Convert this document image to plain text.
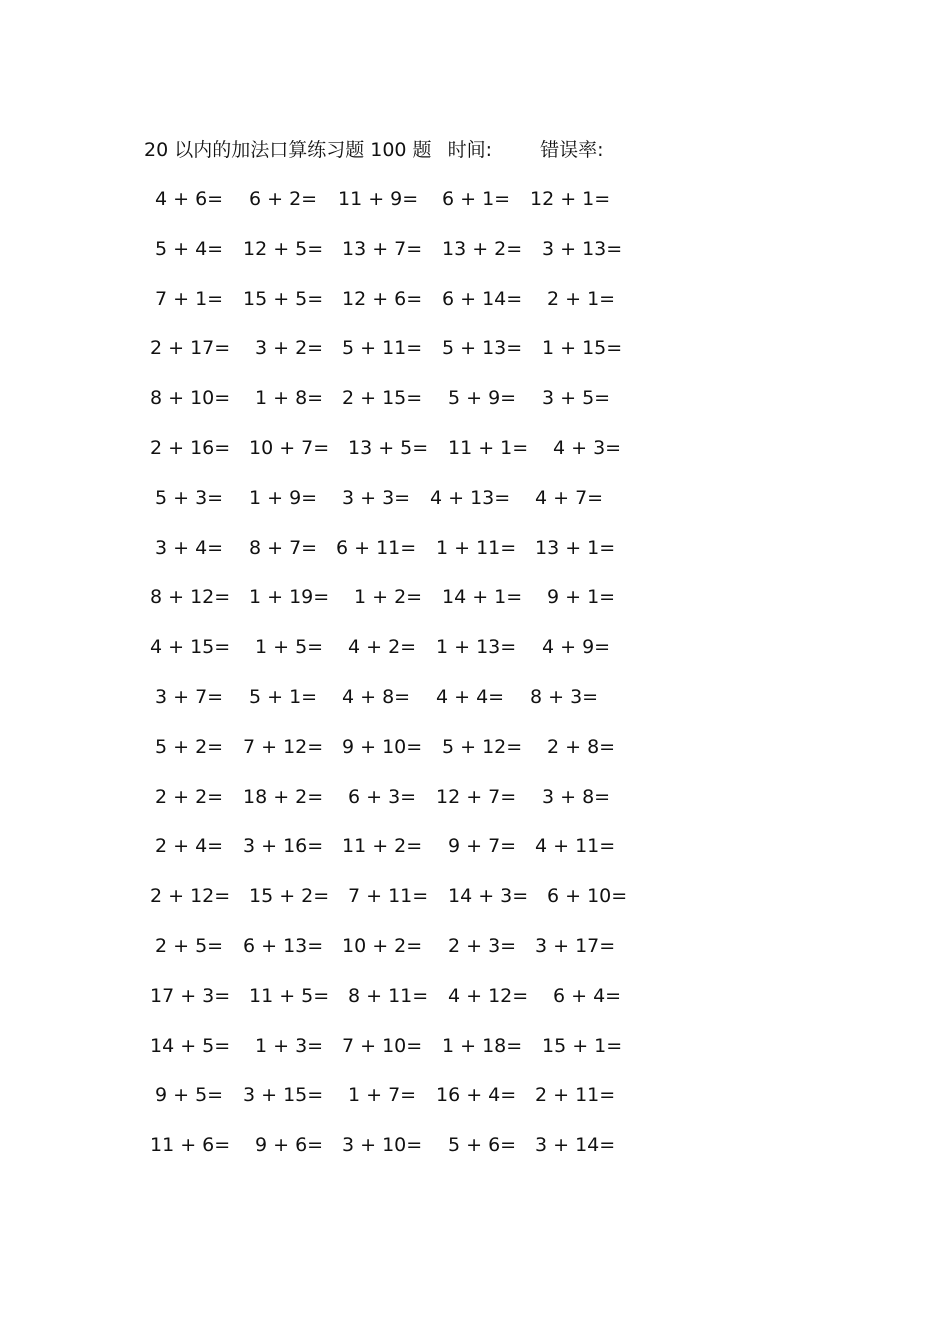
20 以内的加法口算练习题 100 题 时间:	错误率:
4 + 6= 6 + 2= 11 + 9= 6 + 1= 12 + 1=
5 + 4= 12 + 5= 13 + 7= 13 + 2= 3 + 13=
7 + 1= 15 + 5= 12 + 6= 6 + 14= 2 + 1=
2 + 17= 3 + 2= 5 + 11= 5 + 13= 1 + 15=
8 + 10= 1 + 8= 2 + 15= 5 + 9= 3 + 5=
2 + 16= 10 + 7= 13 + 5= 11 + 1= 4 + 3=
5 + 3= 1 + 9= 3 + 3= 4 + 13= 4 + 7=
3 + 4= 8 + 7= 6 + 11= 1 + 11= 13 + 1=
8 + 12= 1 + 19= 1 + 2= 14 + 1= 9 + 1=
4 + 15= 1 + 5= 4 + 2= 1 + 13= 4 + 9=
3 + 7= 5 + 1= 4 + 8= 4 + 4= 8 + 3=
5 + 2= 7 + 12= 9 + 10= 5 + 12= 2 + 8=
2 + 2= 18 + 2= 6 + 3= 12 + 7= 3 + 8=
2 + 4= 3 + 16= 11 + 2= 9 + 7= 4 + 11=
2 + 12= 15 + 2= 7 + 11= 14 + 3= 6 + 10=
2 + 5= 6 + 13= 10 + 2= 2 + 3= 3 + 17=
17 + 3= 11 + 5= 8 + 11= 4 + 12= 6 + 4=
14 + 5= 1 + 3= 7 + 10= 1 + 18= 15 + 1=
9 + 5= 3 + 15= 1 + 7= 16 + 4= 2 + 11=
11 + 6= 9 + 6= 3 + 10= 5 + 6= 3 + 14=
